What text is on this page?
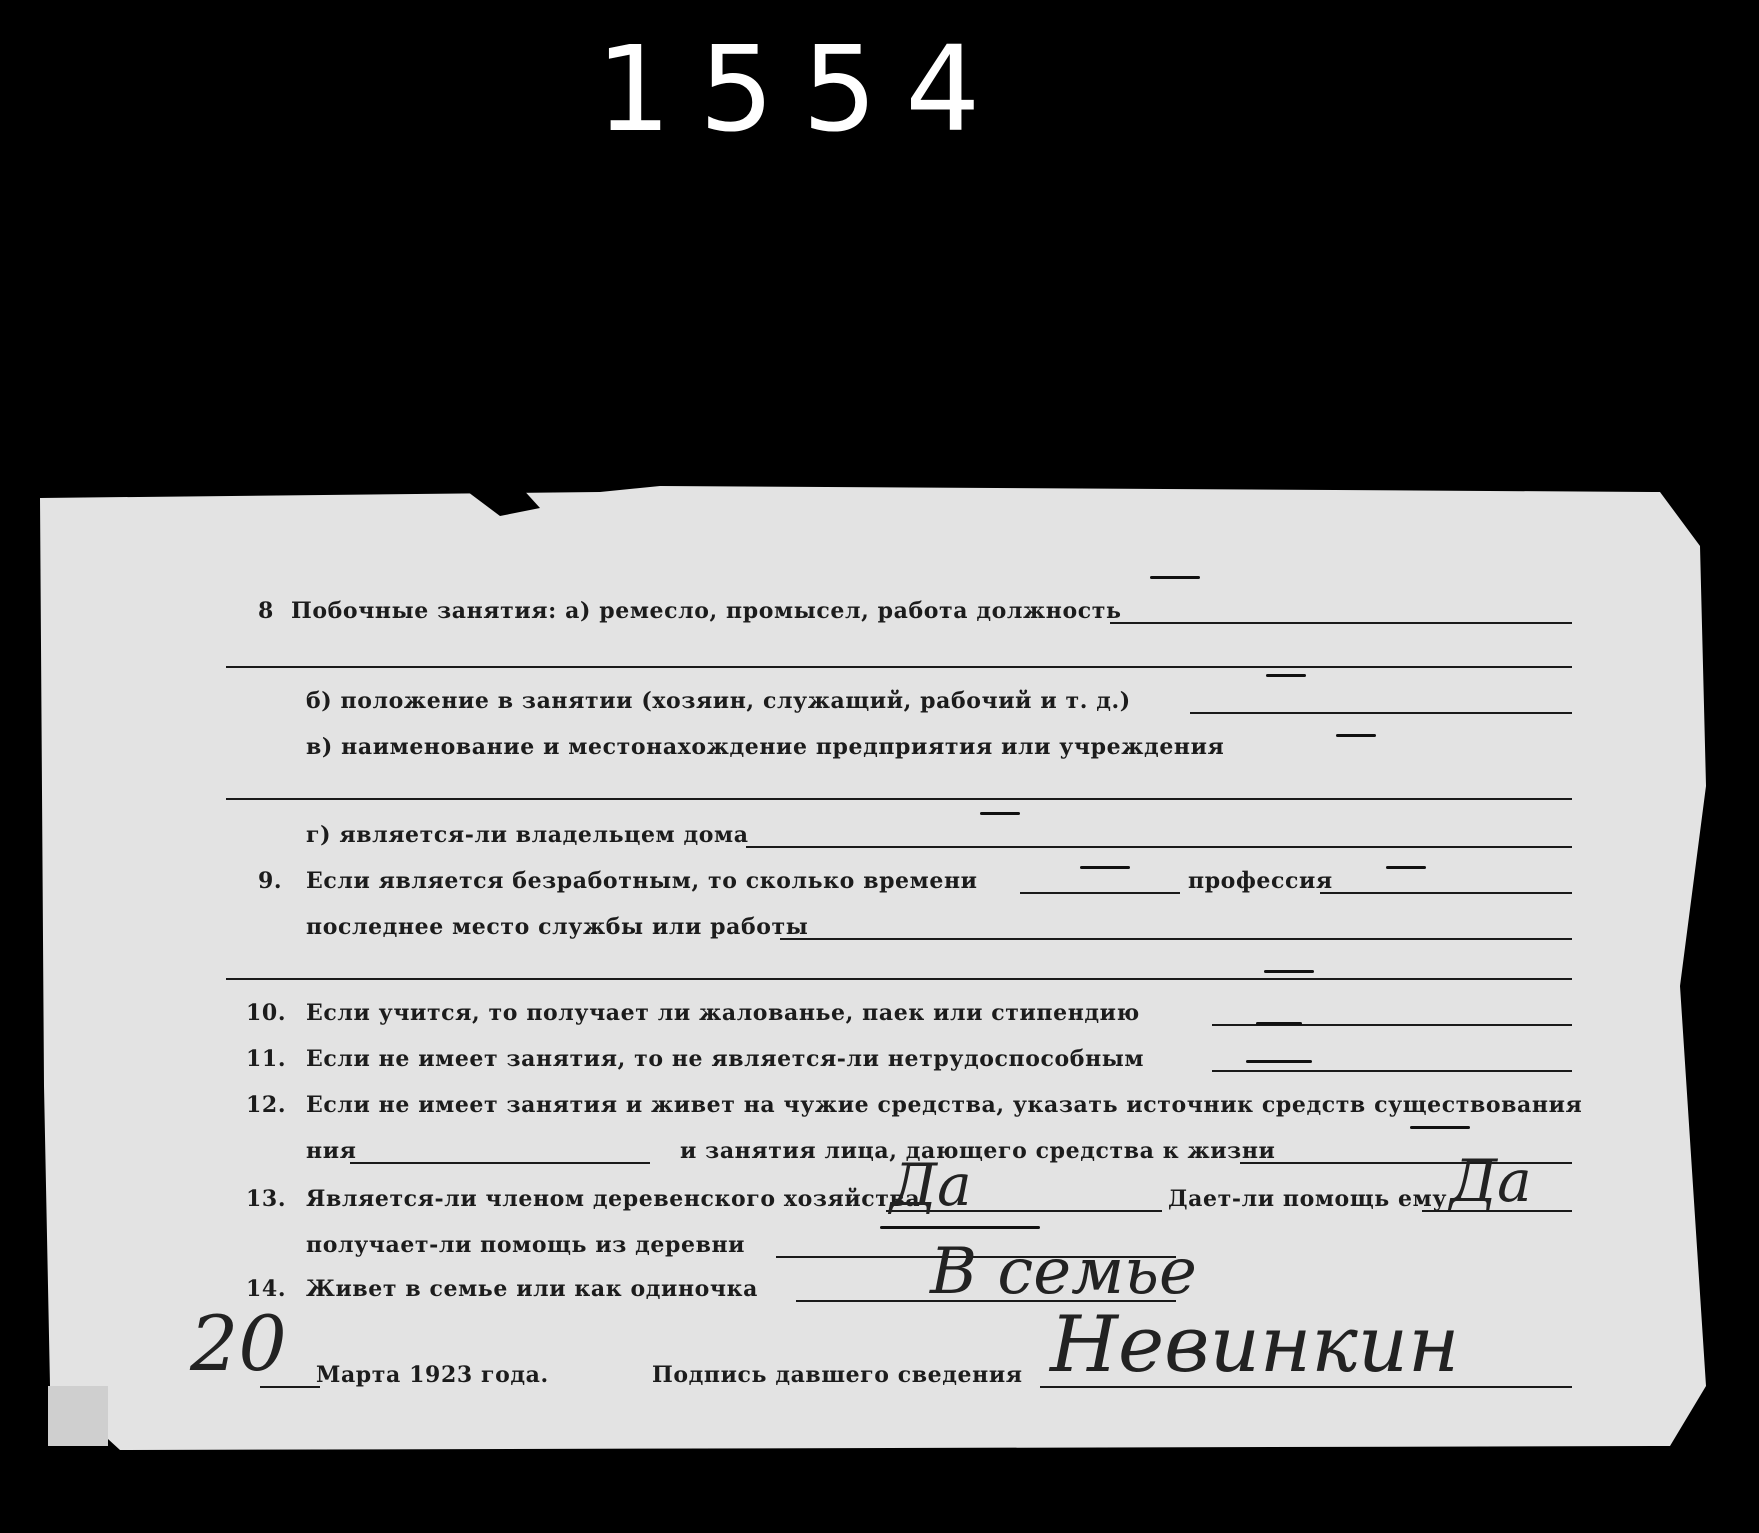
1554
8 Побочные занятия: а) ремесло, промысел, работа должность
б) положение в занятии (хозяин, служащий, рабочий и т. д.)
в) наименование и местонахождение предприятия или учреждения
г) является-ли владельцем дома
9. Если является безработным, то сколько времени	профессия
последнее место службы или работы
10. Если учится, то получает ли жалованье, паек или стипендию
11. Если не имеет занятия, то не является-ли нетрудоспособным
12. Если не имеет занятия и живет на чужие средства, указать источник средств существования
ния	и занятия лица, дающего средства к жизни
13. Является-ли членом деревенского хозяйства
Да	Дает-ли помощь ему Да
получает-ли помощь из деревни
14. Живет в семье или как одиночка	В семье
20 Марта 1923 года.	Подпись давшего сведения Невинкин
